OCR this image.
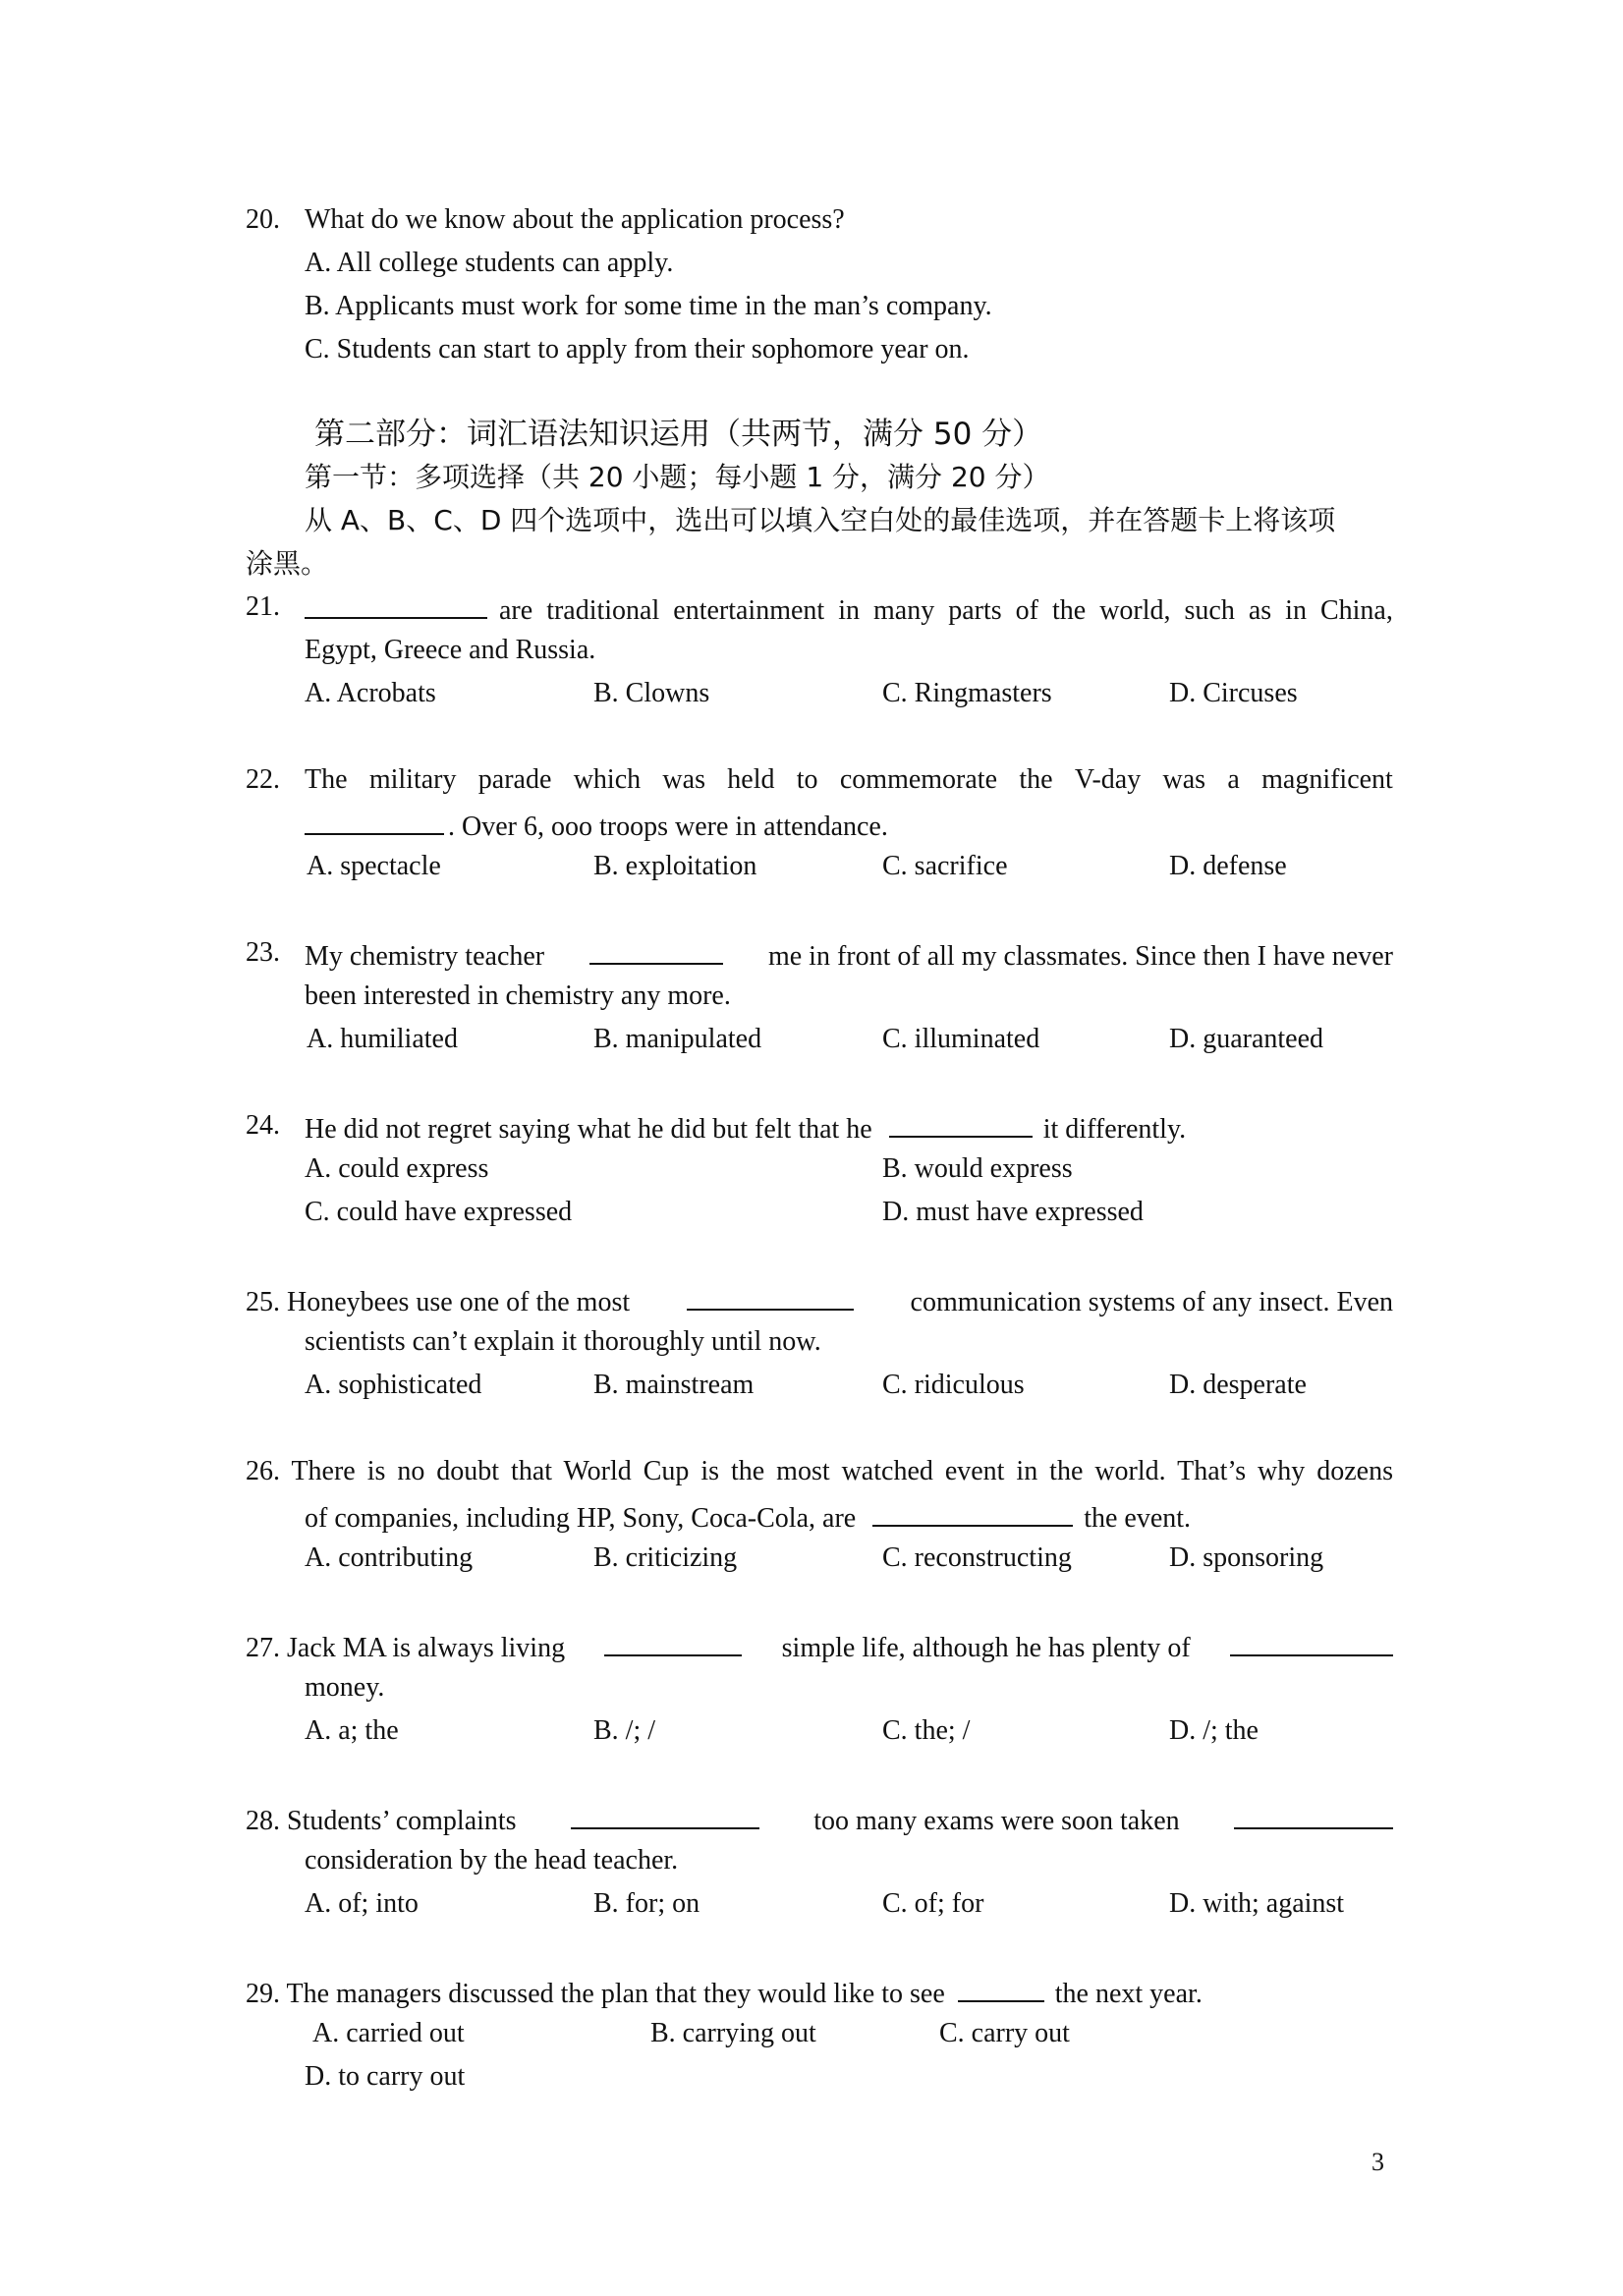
20. What do we know about the application process?
A. All college students can apply.
B. Applicants must work for some time in the man’s company.
C. Students can start to apply from their sophomore year on.
第二部分：词汇语法知识运用（共两节，满分 50 分）
第一节：多项选择（共 20 小题；每小题 1 分，满分 20 分）
从 A、B、C、D 四个选项中，选出可以填入空白处的最佳选项，并在答题卡上将该项
涂黑。
21.	are traditional entertainment in many parts of the world, such as in China,
Egypt, Greece and Russia.
A. Acrobats	B. Clowns	C. Ringmasters	D. Circuses
22. The military parade which was held to commemorate the V-day was a magnificent
. Over 6, ooo troops were in attendance.
A. spectacle	B. exploitation	C. sacrifice	D. defense
23. My chemistry teacher	me in front of all my classmates. Since then I have never
been interested in chemistry any more.
A. humiliated	B. manipulated	C. illuminated	D. guaranteed
24. He did not regret saying what he did but felt that he	it differently.
A. could express	B. would express
C. could have expressed	D. must have expressed
25. Honeybees use one of the most	communication systems of any insect. Even
scientists can’t explain it thoroughly until now.
A. sophisticated	B. mainstream	C. ridiculous	D. desperate
26. There is no doubt that World Cup is the most watched event in the world. That’s why dozens
of companies, including HP, Sony, Coca-Cola, are	the event.
A. contributing	B. criticizing	C. reconstructing	D. sponsoring
27. Jack MA is always living	simple life, although he has plenty of
money.
A. a; the	B. /; /	C. the; /	D. /; the
28. Students’ complaints	too many exams were soon taken
consideration by the head teacher.
A. of; into	B. for; on	C. of; for	D. with; against
29. The managers discussed the plan that they would like to see	the next year.
A. carried out	B. carrying out	C. carry out
D. to carry out
3
